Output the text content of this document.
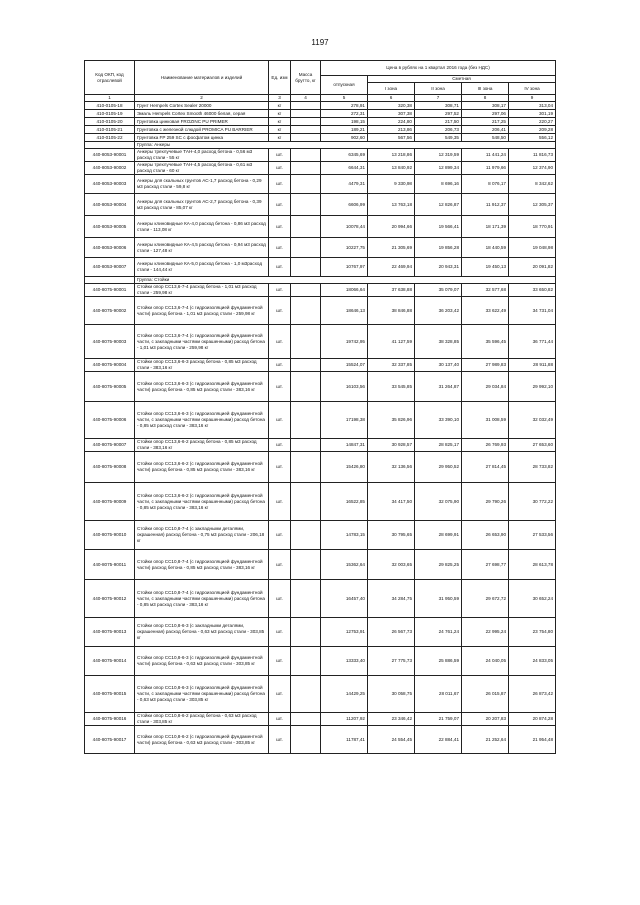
1197
Код ОКП, код отраслевой	Наименование материалов и изделий	Ед. изм	Масса брутто, кг	Цена в рублях на 1 квартал 2016 года (без НДС)				
				отпускная	Сметная			
					I зона	II зона	III зона	IV зона
1	2	3	4	5	6	7	8	9
410-0105-18	Грунт Hempels Cortex Sealer 20000	кг		278,91	320,38	308,71	308,17	313,04
410-0105-19	Эмаль Hempels Cortex Smooth 46000 белая, серая	кг		272,31	307,38	297,52	297,06	301,19
410-0105-20	Грунтовка цинковая FROZINC PU PRIMER	кг		198,15	224,80	217,50	217,25	220,27
410-0105-21	Грунтовка с железной слюдой PROMICA PU BARRIER	кг		189,21	213,86	206,73	206,41	209,28
410-0105-22	Грунтовка FP 259 SC с фосфатом цинка	кг		902,60	567,56	549,35	548,50	556,12
	Группа: Анкеры							
440-8053-90001	Анкеры трехлучевые ТАН-4,0 расход бетона - 0,56 м3 расход стали - 55 кг	шт.		6345,69	13 218,86	12 319,59	11 441,24	11 816,73
440-8053-90002	Анкеры трехлучевые ТАН-4,5 расход бетона - 0,61 м3 расход стали - 60 кг	шт.		6644,31	13 840,92	12 899,34	11 979,66	12 374,90
440-8053-90003	Анкеры для скальных грунтов АС-1,7 расход бетона - 0,29 м3 расход стали - 59,8 кг	шт.		4479,31	9 330,98	8 696,16	8 076,17	8 342,62
440-8053-90004	Анкеры для скальных грунтов АС-2,7 расход бетона - 0,39 м3 расход стали - 85,07 кг	шт.		6606,99	13 763,18	12 826,87	11 912,37	12 305,37
440-8053-90005	Анкеры клиновидные КА-4,0 расход бетона - 0,86 м3 расход стали - 113,08 кг	шт.		10078,44	20 994,66	19 566,41	18 171,39	18 770,91
440-8053-90006	Анкеры клиновидные КА-4,5 расход бетона - 0,94 м3 расход стали - 127,48 кг	шт.		10227,75	21 305,69	19 856,28	18 440,59	19 048,98
440-8053-90007	Анкеры клиновидные КА-5,0 расход бетона - 1,0 м3расход стали - 144,44 кг	шт.		10767,97	22 469,94	20 943,31	19 450,13	20 091,82
	Группа: Стойки							
440-8075-90001	Стойки опор СС13,6-7-4 расход бетона - 1,01 м3 расход стали - 259,98 кг	шт.		18066,64	37 638,88	35 079,07	32 577,68	33 650,82
440-8075-90002	Стойки опор СС13,6-7-4 (с гидроизоляцией фундаментной части) расход бетона - 1,01 м3 расход стали - 259,98 кг	шт.		18646,13	38 846,88	36 203,42	33 622,49	34 731,04
440-8075-90003	Стойки опор СС13,6-7-4 (с гидроизоляцией фундаментной части, с закладными частями окрашенными) расход бетона - 1,01 м3 расход стали - 259,98 кг	шт.		19742,95	41 127,59	38 328,85	35 596,45	36 771,44
440-8075-90004	Стойки опор СС13,6-6-3 расход бетона - 0,85 м3 расход стали - 383,16 кг	шт.		15524,07	32 337,85	30 137,40	27 989,83	28 911,88
440-8075-90005	Стойки опор СС13,6-6-3 (с гидроизоляцией фундаментной части) расход бетона - 0,85 м3 расход стали - 383,16 кг	шт.		16103,56	33 545,85	31 264,87	29 034,84	29 992,10
440-8075-90006	Стойки опор СС13,6-6-3 (с гидроизоляцией фундаментной части, с закладными частями окрашенными) расход бетона - 0,85 м3 расход стали - 383,16 кг	шт.		17198,38	35 826,96	33 390,10	31 008,59	32 032,49
440-8075-90007	Стойки опор СС13,6-6-2 расход бетона - 0,85 м3 расход стали - 383,16 кг	шт.		14847,31	30 928,57	28 825,17	26 769,93	27 653,60
440-8075-90008	Стойки опор СС13,6-6-2 (с гидроизоляцией фундаментной части) расход бетона - 0,85 м3 расход стали - 383,16 кг	шт.		15426,80	32 136,56	29 950,52	27 814,45	28 733,82
440-8075-90009	Стойки опор СС13,6-6-2 (с гидроизоляцией фундаментной части, с закладными частями окрашенными) расход бетона - 0,85 м3 расход стали - 383,16 кг	шт.		16522,85	34 417,50	32 075,90	29 790,26	30 772,22
440-8075-90010	Стойки опор СС10,8-7-4 (с закладными деталями, окрашенная) расход бетона - 0,75 м3 расход стали - 206,18 кг	шт.		14783,15	30 795,65	28 699,91	26 653,90	27 533,56
440-8075-90011	Стойки опор СС10,8-7-4 (с гидроизоляцией фундаментной части) расход бетона - 0,85 м3 расход стали - 383,16 кг	шт.		15362,64	32 003,65	29 825,25	27 698,77	28 613,78
440-8075-90012	Стойки опор СС10,8-7-4 (с гидроизоляцией фундаментной части, с закладными частями окрашенными) расход бетона - 0,85 м3 расход стали - 383,16 кг	шт.		16457,40	34 284,75	31 950,59	29 672,72	30 652,24
440-8075-90013	Стойки опор СС10,8-6-3 (с закладными деталями, окрашенная) расход бетона - 0,63 м3 расход стали - 303,85 кг	шт.		12753,91	26 567,73	24 761,24	22 995,24	23 754,80
440-8075-90014	Стойки опор СС10,8-6-3 (с гидроизоляцией фундаментной части) расход бетона - 0,63 м3 расход стали - 303,85 кг	шт.		13333,40	27 775,73	25 886,59	24 040,05	24 833,05
440-8075-90015	Стойки опор СС10,8-6-3 (с гидроизоляцией фундаментной части, с закладными частями окрашенными) расход бетона - 0,63 м3 расход стали - 303,85 кг	шт.		14429,25	30 058,75	28 011,67	26 015,87	26 873,42
440-8075-90016	Стойки опор СС10,8-6-2 расход бетона - 0,63 м3 расход стали - 303,85 кг	шт.		11207,92	23 346,42	21 759,07	20 207,83	20 874,28
440-8075-90017	Стойки опор СС10,8-6-2 (с гидроизоляцией фундаментной части) расход бетона - 0,63 м3 расход стали - 303,85 кг	шт.		11787,41	24 554,45	22 884,41	21 252,64	21 954,48
